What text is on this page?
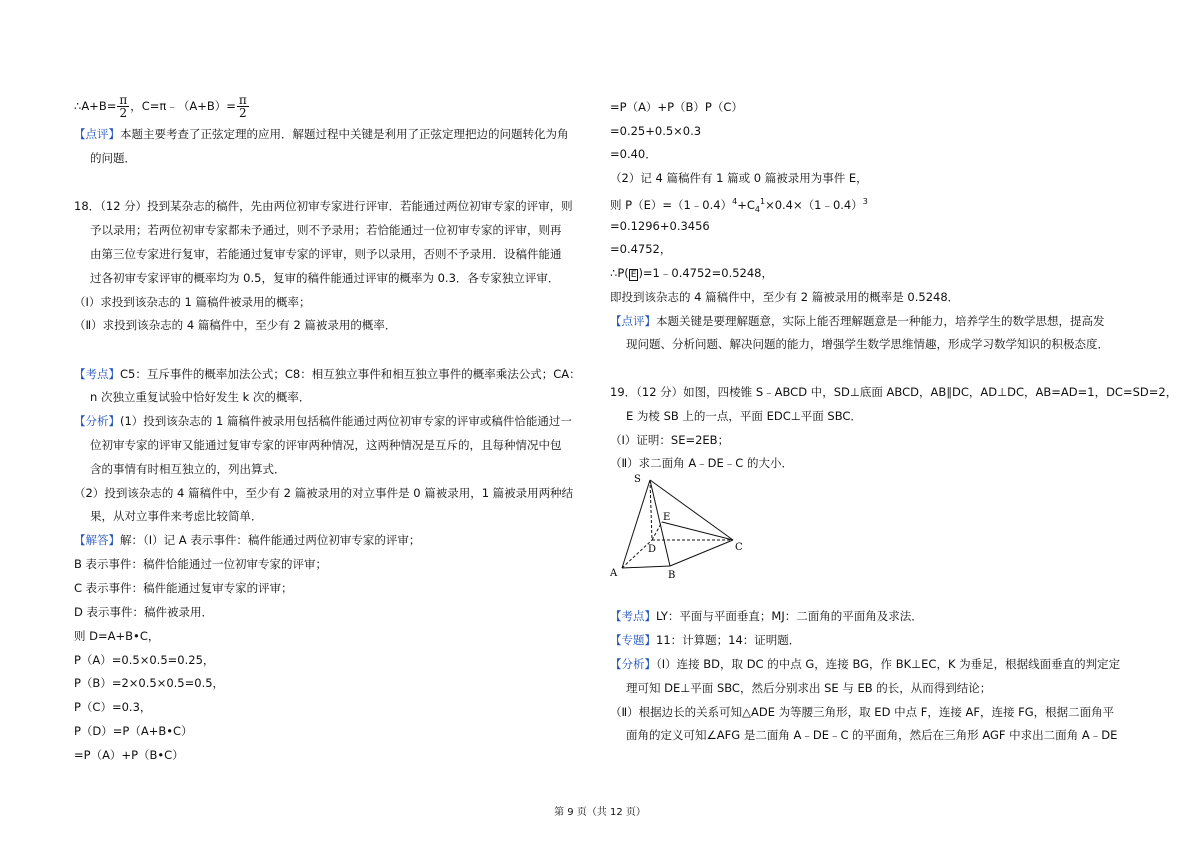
∴A+B= $\frac{\pi}{2}$ ，C=π﹣（A+B）= $\frac{\pi}{2}$
【点评】本题主要考查了正弦定理的应用．解题过程中关键是利用了正弦定理把边的问题转化为角
的问题．
18．（12 分）投到某杂志的稿件，先由两位初审专家进行评审．若能通过两位初审专家的评审，则
予以录用；若两位初审专家都未予通过，则不予录用；若恰能通过一位初审专家的评审，则再
由第三位专家进行复审，若能通过复审专家的评审，则予以录用，否则不予录用．设稿件能通
过各初审专家评审的概率均为 0.5，复审的稿件能通过评审的概率为 0.3．各专家独立评审．
（Ⅰ）求投到该杂志的 1 篇稿件被录用的概率；
（Ⅱ）求投到该杂志的 4 篇稿件中，至少有 2 篇被录用的概率．
【考点】C5：互斥事件的概率加法公式；C8：相互独立事件和相互独立事件的概率乘法公式；CA：
n 次独立重复试验中恰好发生 k 次的概率．
【分析】(1）投到该杂志的 1 篇稿件被录用包括稿件能通过两位初审专家的评审或稿件恰能通过一
位初审专家的评审又能通过复审专家的评审两种情况，这两种情况是互斥的，且每种情况中包
含的事情有时相互独立的，列出算式．
（2）投到该杂志的 4 篇稿件中，至少有 2 篇被录用的对立事件是 0 篇被录用，1 篇被录用两种结
果，从对立事件来考虑比较简单．
【解答】解：（Ⅰ）记 A 表示事件：稿件能通过两位初审专家的评审；
B 表示事件：稿件恰能通过一位初审专家的评审；
C 表示事件：稿件能通过复审专家的评审；
D 表示事件：稿件被录用．
则 D=A+B•C，
P（A）=0.5×0.5=0.25，
P（B）=2×0.5×0.5=0.5，
P（C）=0.3，
P（D）=P（A+B•C）
=P（A）+P（B•C）
=P（A）+P（B）P（C）
=0.25+0.5×0.3
=0.40．
（2）记 4 篇稿件有 1 篇或 0 篇被录用为事件 E，
则 $P(E)=(1﹣0.4)^4+C_4^1\times 0.4\times(1﹣0.4)^3$
=0.1296+0.3456
=0.4752，
∴P( $\overline{E}$ )=1﹣0.4752=0.5248，
即投到该杂志的 4 篇稿件中，至少有 2 篇被录用的概率是 0.5248．
【点评】本题关键是要理解题意，实际上能否理解题意是一种能力，培养学生的数学思想，提高发
现问题、分析问题、解决问题的能力，增强学生数学思维情趣，形成学习数学知识的积极态度．
19．（12 分）如图，四棱锥 S﹣ABCD 中，SD⊥底面 ABCD，AB∥DC，AD⊥DC，AB=AD=1，DC=SD=2，
E 为棱 SB 上的一点，平面 EDC⊥平面 SBC．
（Ⅰ）证明：SE=2EB；
（Ⅱ）求二面角 A﹣DE﹣C 的大小．
S
E
D	C
A	B
【考点】LY：平面与平面垂直；MJ：二面角的平面角及求法．
【专题】11：计算题；14：证明题．
【分析】（Ⅰ）连接 BD，取 DC 的中点 G，连接 BG，作 BK⊥EC，K 为垂足，根据线面垂直的判定定
理可知 DE⊥平面 SBC，然后分别求出 SE 与 EB 的长，从而得到结论；
（Ⅱ）根据边长的关系可知△ADE 为等腰三角形，取 ED 中点 F，连接 AF，连接 FG，根据二面角平
面角的定义可知∠AFG 是二面角 A﹣DE﹣C 的平面角，然后在三角形 AGF 中求出二面角 A﹣DE
第 9 页（共 12 页）
